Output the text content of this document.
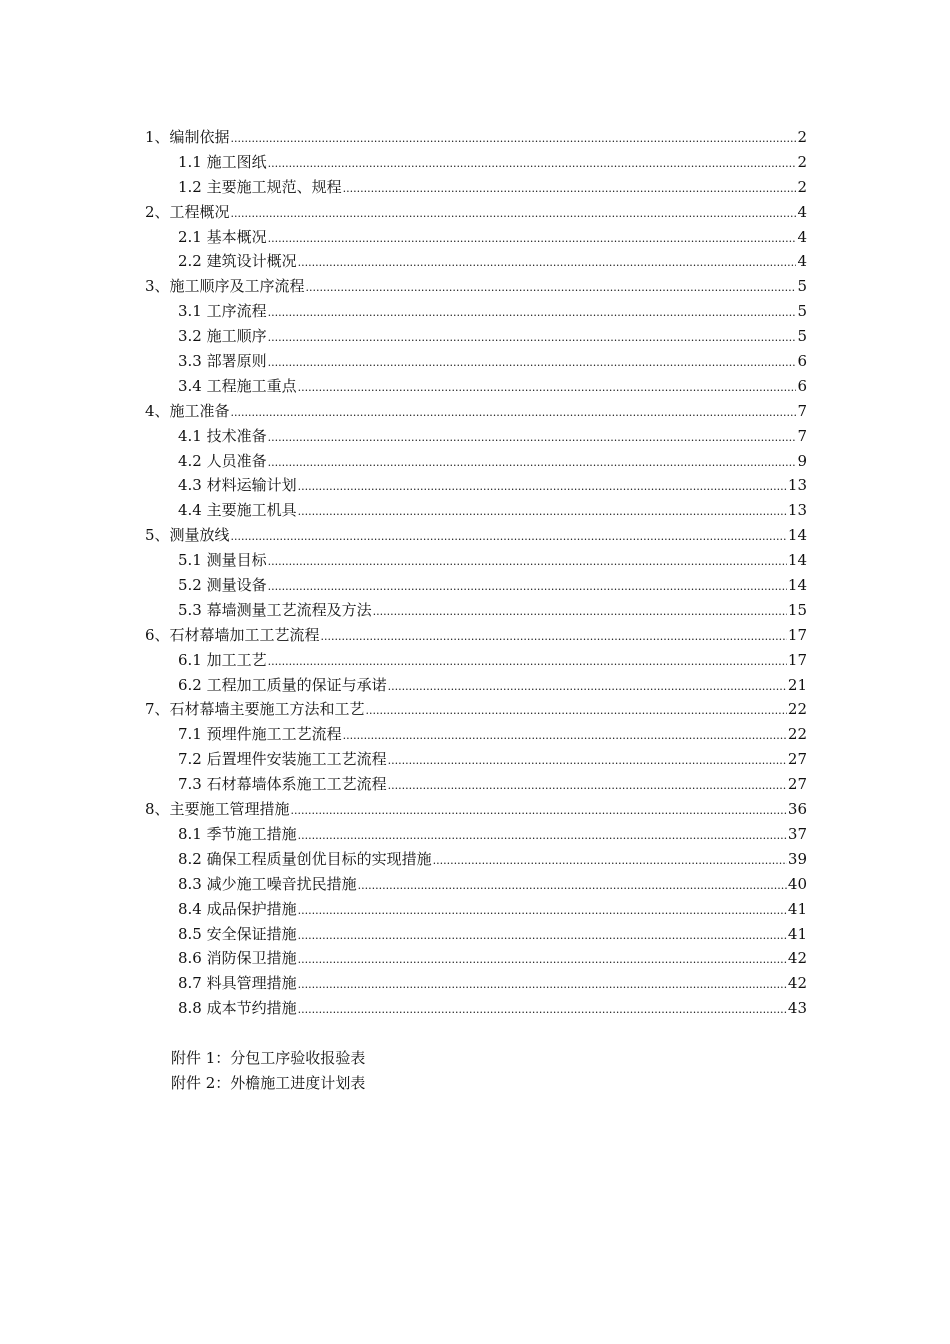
1、编制依据 .....	2
1.1 施工图纸 .....	2
1.2 主要施工规范、规程 .....	2
2、工程概况 .....	4
2.1 基本概况 .....	4
2.2 建筑设计概况 .....	4
3、施工顺序及工序流程 .....	5
3.1 工序流程 .....	5
3.2 施工顺序 .....	5
3.3 部署原则 .....	6
3.4 工程施工重点 .....	6
4、施工准备 .....	7
4.1 技术准备 .....	7
4.2 人员准备 .....	9
4.3 材料运输计划 .....	13
4.4 主要施工机具 .....	13
5、测量放线 .....	14
5.1 测量目标 .....	14
5.2 测量设备 .....	14
5.3 幕墙测量工艺流程及方法 .....	15
6、石材幕墙加工工艺流程 .....	17
6.1 加工工艺 .....	17
6.2 工程加工质量的保证与承诺 .....	21
7、石材幕墙主要施工方法和工艺 .....	22
7.1 预埋件施工工艺流程 .....	22
7.2 后置埋件安装施工工艺流程 .....	27
7.3 石材幕墙体系施工工艺流程 .....	27
8、主要施工管理措施 .....	36
8.1 季节施工措施 .....	37
8.2 确保工程质量创优目标的实现措施 .....	39
8.3 减少施工噪音扰民措施 .....	40
8.4 成品保护措施 .....	41
8.5 安全保证措施 .....	41
8.6 消防保卫措施 .....	42
8.7 料具管理措施 .....	42
8.8 成本节约措施 .....	43
附件 1：分包工序验收报验表
附件 2：外檐施工进度计划表
